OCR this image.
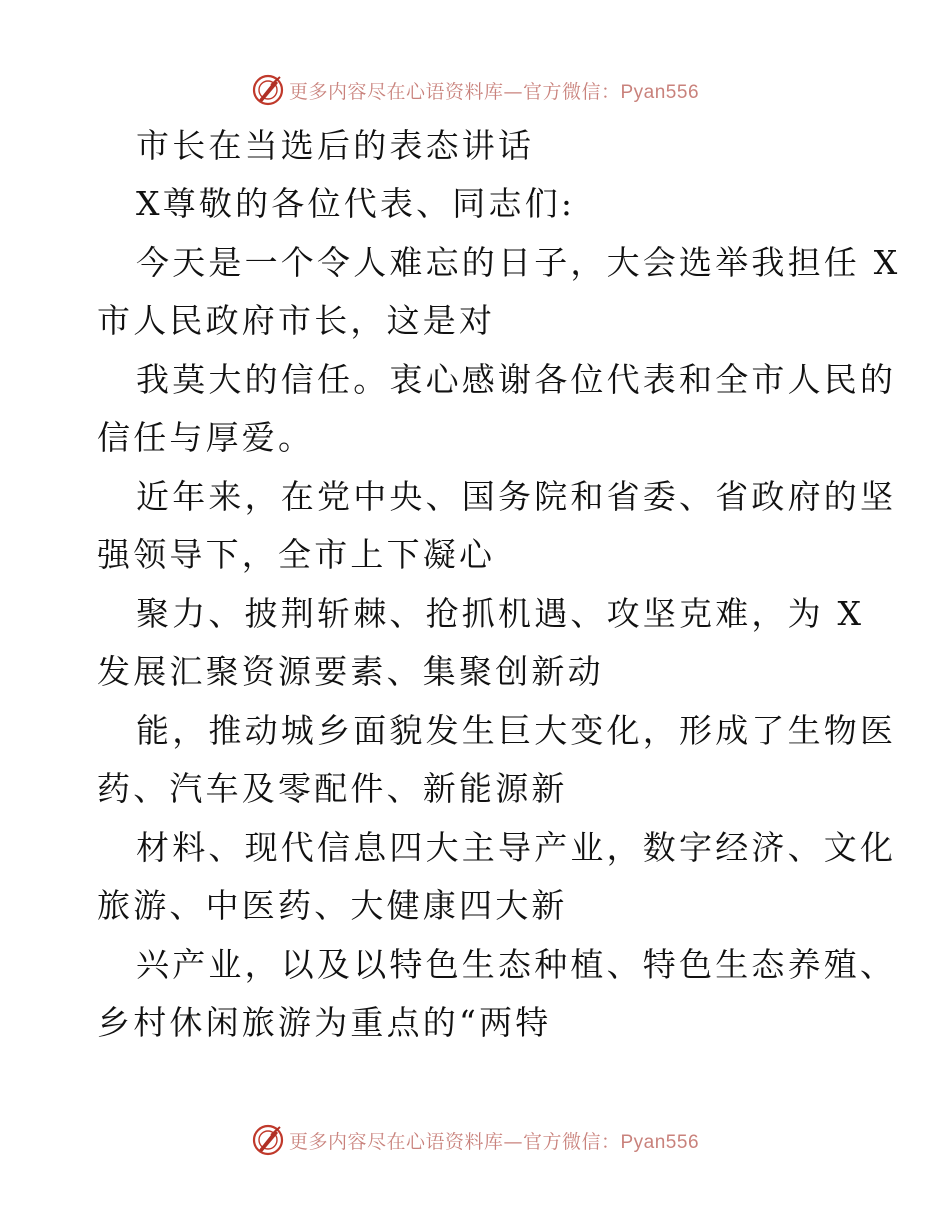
更多内容尽在心语资料库—官方微信：Pyan556
市长在当选后的表态讲话
X尊敬的各位代表、同志们:
今天是一个令人难忘的日子，大会选举我担任 X
市人民政府市长，这是对
我莫大的信任。衷心感谢各位代表和全市人民的
信任与厚爱。
近年来，在党中央、国务院和省委、省政府的坚
强领导下，全市上下凝心
聚力、披荆斩棘、抢抓机遇、攻坚克难，为 X
发展汇聚资源要素、集聚创新动
能，推动城乡面貌发生巨大变化，形成了生物医
药、汽车及零配件、新能源新
材料、现代信息四大主导产业，数字经济、文化
旅游、中医药、大健康四大新
兴产业，以及以特色生态种植、特色生态养殖、
乡村休闲旅游为重点的“两特
更多内容尽在心语资料库—官方微信：Pyan556
